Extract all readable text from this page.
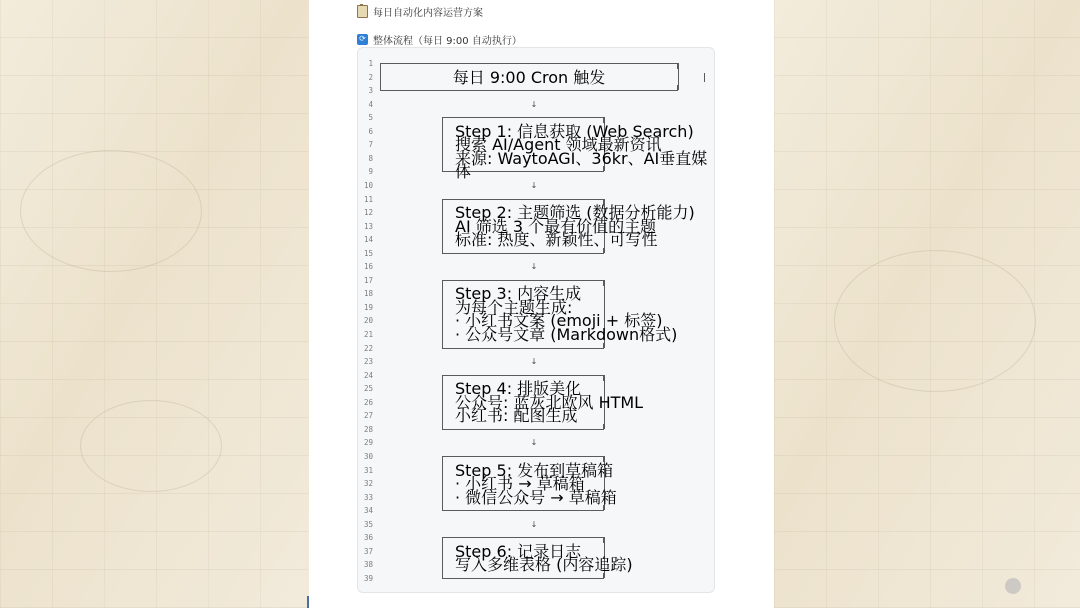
每日自动化内容运营方案
⟳ 整体流程（每日 9:00 自动执行）
1
2
3
4
5
6
7
8
9
10
11
12
13
14
15
16
17
18
19
20
21
22
23
24
25
26
27
28
29
30
31
32
33
34
35
36
37
38
39
每日 9:00 Cron 触发
↓
Step 1: 信息获取 (Web Search)
搜索 AI/Agent 领域最新资讯
来源: WaytoAGI、36kr、AI垂直媒体
↓
Step 2: 主题筛选 (数据分析能力)
AI 筛选 3 个最有价值的主题
标准: 热度、新颖性、可写性
↓
Step 3: 内容生成
为每个主题生成:
· 小红书文案 (emoji + 标签)
· 公众号文章 (Markdown格式)
↓
Step 4: 排版美化
公众号: 蓝灰北欧风 HTML
小红书: 配图生成
↓
Step 5: 发布到草稿箱
· 小红书 → 草稿箱
· 微信公众号 → 草稿箱
↓
Step 6: 记录日志
写入多维表格 (内容追踪)
